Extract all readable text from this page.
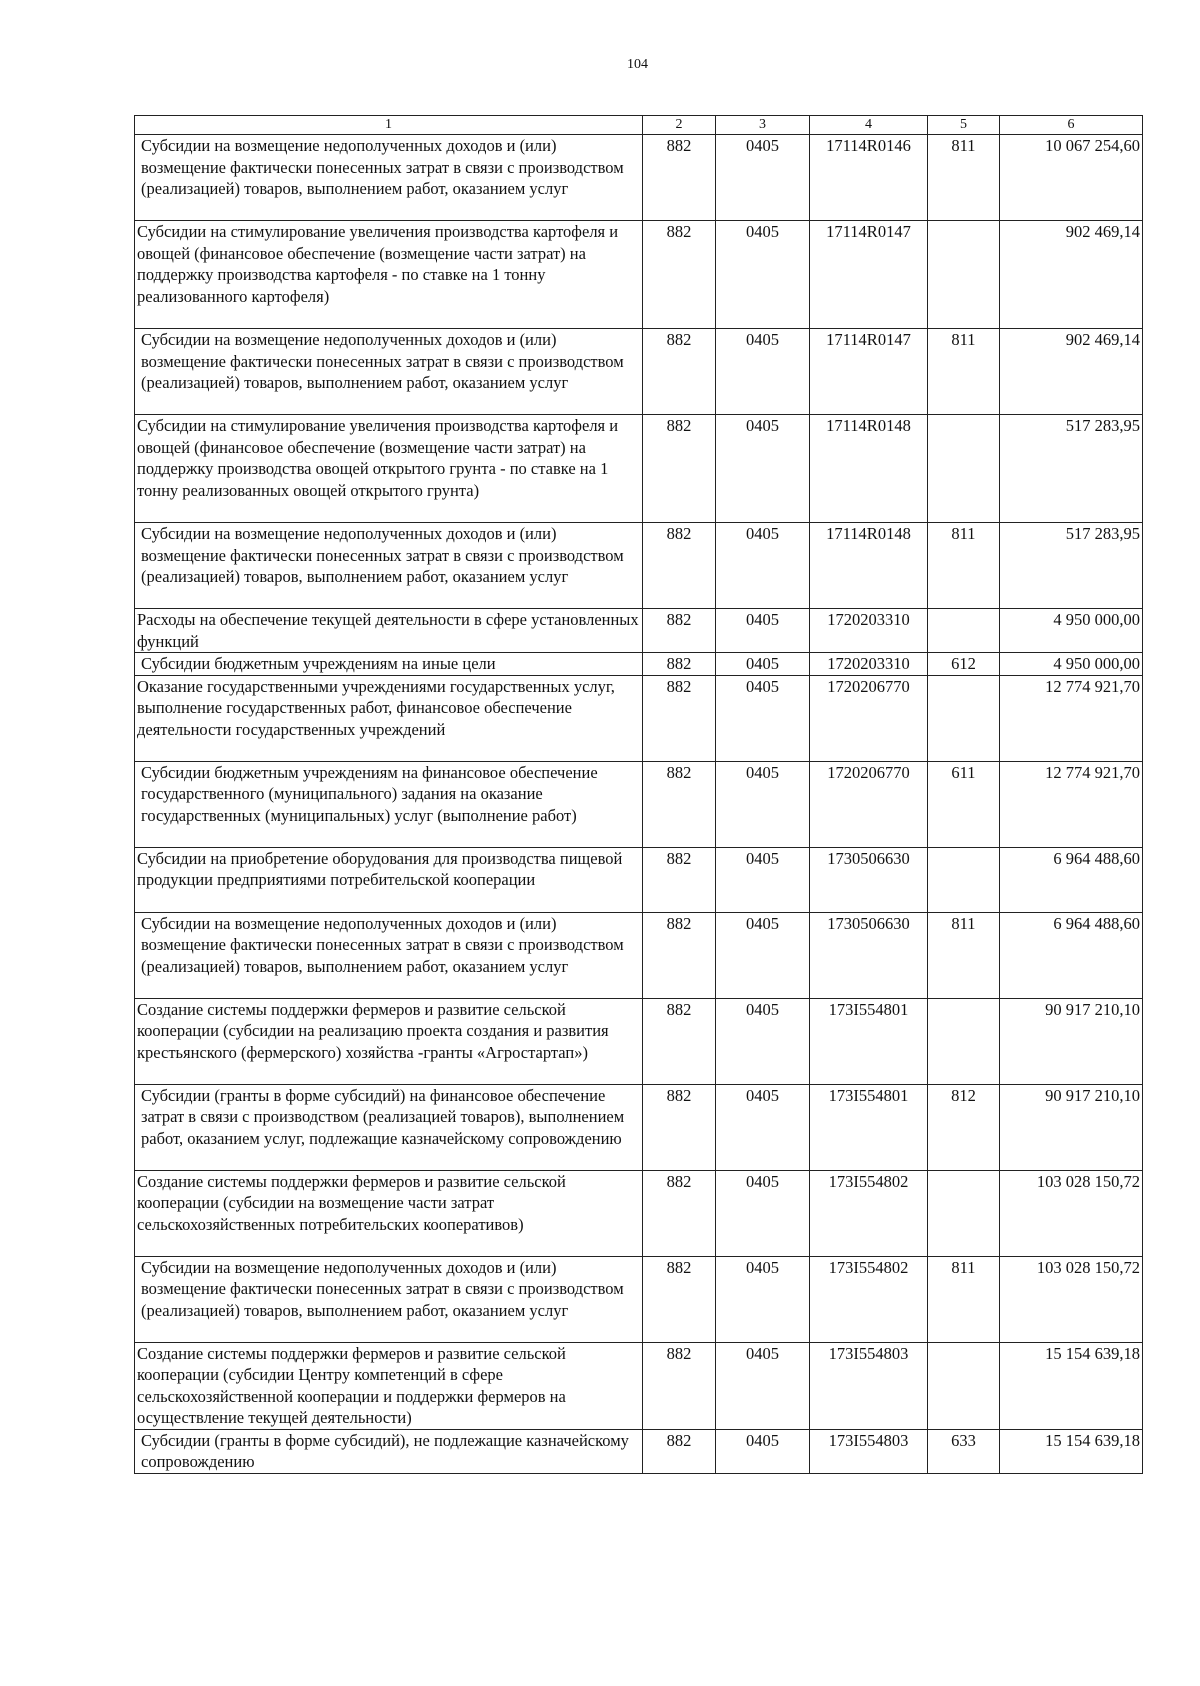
104
1	2	3	4	5	6
Субсидии на возмещение недополученных доходов и (или) возмещение фактически понесенных затрат в связи с производством (реализацией) товаров, выполнением работ, оказанием услуг	882	0405	17114R0146	811	10 067 254,60
Субсидии на стимулирование увеличения производства картофеля и овощей (финансовое обеспечение (возмещение части затрат) на поддержку производства картофеля - по ставке на 1 тонну реализованного картофеля)	882	0405	17114R0147		902 469,14
Субсидии на возмещение недополученных доходов и (или) возмещение фактически понесенных затрат в связи с производством (реализацией) товаров, выполнением работ, оказанием услуг	882	0405	17114R0147	811	902 469,14
Субсидии на стимулирование увеличения производства картофеля и овощей (финансовое обеспечение (возмещение части затрат) на поддержку производства овощей открытого грунта - по ставке на 1 тонну реализованных овощей открытого грунта)	882	0405	17114R0148		517 283,95
Субсидии на возмещение недополученных доходов и (или) возмещение фактически понесенных затрат в связи с производством (реализацией) товаров, выполнением работ, оказанием услуг	882	0405	17114R0148	811	517 283,95
Расходы на обеспечение текущей деятельности в сфере установленных функций	882	0405	1720203310		4 950 000,00
Субсидии бюджетным учреждениям на иные цели	882	0405	1720203310	612	4 950 000,00
Оказание государственными учреждениями государственных услуг, выполнение государственных работ, финансовое обеспечение деятельности государственных учреждений	882	0405	1720206770		12 774 921,70
Субсидии бюджетным учреждениям на финансовое обеспечение государственного (муниципального) задания на оказание государственных (муниципальных) услуг (выполнение работ)	882	0405	1720206770	611	12 774 921,70
Субсидии на приобретение оборудования для производства пищевой продукции предприятиями потребительской кооперации	882	0405	1730506630		6 964 488,60
Субсидии на возмещение недополученных доходов и (или) возмещение фактически понесенных затрат в связи с производством (реализацией) товаров, выполнением работ, оказанием услуг	882	0405	1730506630	811	6 964 488,60
Создание системы поддержки фермеров и развитие сельской кооперации (субсидии на реализацию проекта создания и развития крестьянского (фермерского) хозяйства -гранты «Агростартап»)	882	0405	173I554801		90 917 210,10
Субсидии (гранты в форме субсидий) на финансовое обеспечение затрат в связи с производством (реализацией товаров), выполнением работ, оказанием услуг, подлежащие казначейскому сопровождению	882	0405	173I554801	812	90 917 210,10
Создание системы поддержки фермеров и развитие сельской кооперации (субсидии на возмещение части затрат сельскохозяйственных потребительских кооперативов)	882	0405	173I554802		103 028 150,72
Субсидии на возмещение недополученных доходов и (или) возмещение фактически понесенных затрат в связи с производством (реализацией) товаров, выполнением работ, оказанием услуг	882	0405	173I554802	811	103 028 150,72
Создание системы поддержки фермеров и развитие сельской кооперации (субсидии Центру компетенций в сфере сельскохозяйственной кооперации и поддержки фермеров на осуществление текущей деятельности)	882	0405	173I554803		15 154 639,18
Субсидии (гранты в форме субсидий), не подлежащие казначейскому сопровождению	882	0405	173I554803	633	15 154 639,18
